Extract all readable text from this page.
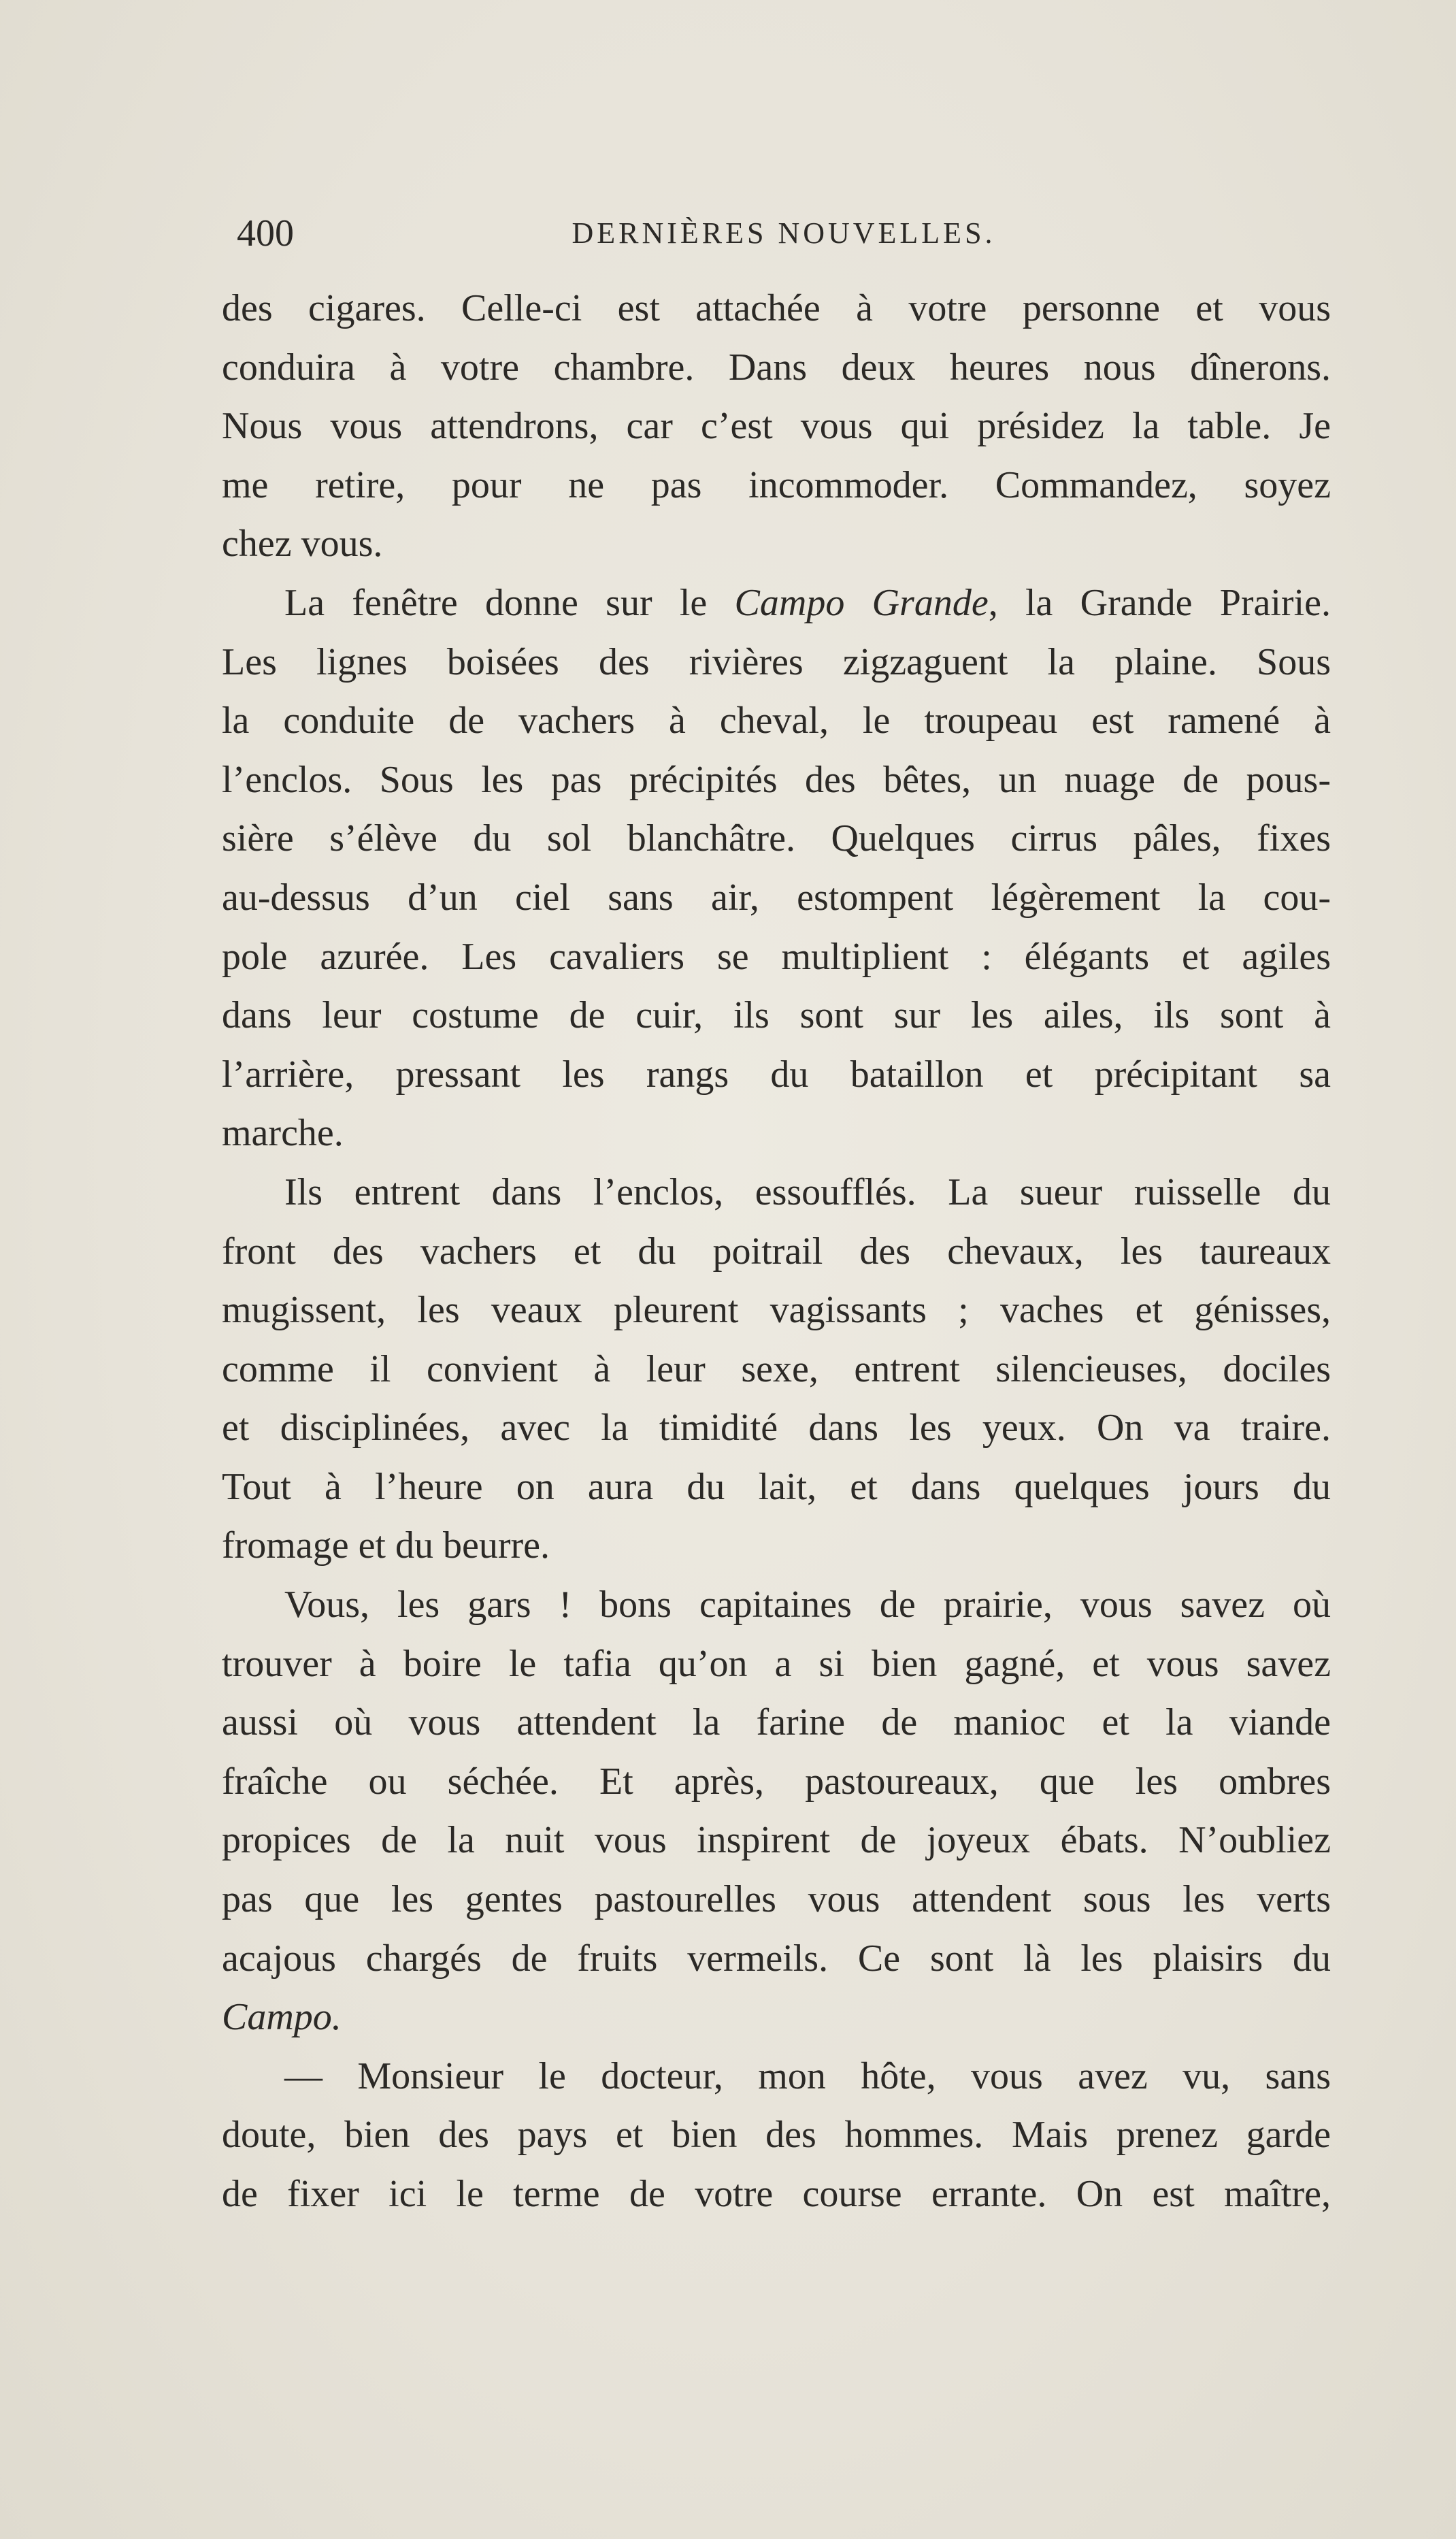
400	DERNIÈRES NOUVELLES.

des cigares. Celle-ci est attachée à votre personne et vous
conduira à votre chambre. Dans deux heures nous dînerons.
Nous vous attendrons, car c’est vous qui présidez la table. Je
me retire, pour ne pas incommoder. Commandez, soyez
chez vous.

La fenêtre donne sur le Campo Grande, la Grande Prairie.
Les lignes boisées des rivières zigzaguent la plaine. Sous
la conduite de vachers à cheval, le troupeau est ramené à
l’enclos. Sous les pas précipités des bêtes, un nuage de pous-
sière s’élève du sol blanchâtre. Quelques cirrus pâles, fixes
au-dessus d’un ciel sans air, estompent légèrement la cou-
pole azurée. Les cavaliers se multiplient : élégants et agiles
dans leur costume de cuir, ils sont sur les ailes, ils sont à
l’arrière, pressant les rangs du bataillon et précipitant sa
marche.

Ils entrent dans l’enclos, essoufflés. La sueur ruisselle du
front des vachers et du poitrail des chevaux, les taureaux
mugissent, les veaux pleurent vagissants ; vaches et génisses,
comme il convient à leur sexe, entrent silencieuses, dociles
et disciplinées, avec la timidité dans les yeux. On va traire.
Tout à l’heure on aura du lait, et dans quelques jours du
fromage et du beurre.

Vous, les gars ! bons capitaines de prairie, vous savez où
trouver à boire le tafia qu’on a si bien gagné, et vous savez
aussi où vous attendent la farine de manioc et la viande
fraîche ou séchée. Et après, pastoureaux, que les ombres
propices de la nuit vous inspirent de joyeux ébats. N’oubliez
pas que les gentes pastourelles vous attendent sous les verts
acajous chargés de fruits vermeils. Ce sont là les plaisirs du
Campo.

— Monsieur le docteur, mon hôte, vous avez vu, sans
doute, bien des pays et bien des hommes. Mais prenez garde
de fixer ici le terme de votre course errante. On est maître,
